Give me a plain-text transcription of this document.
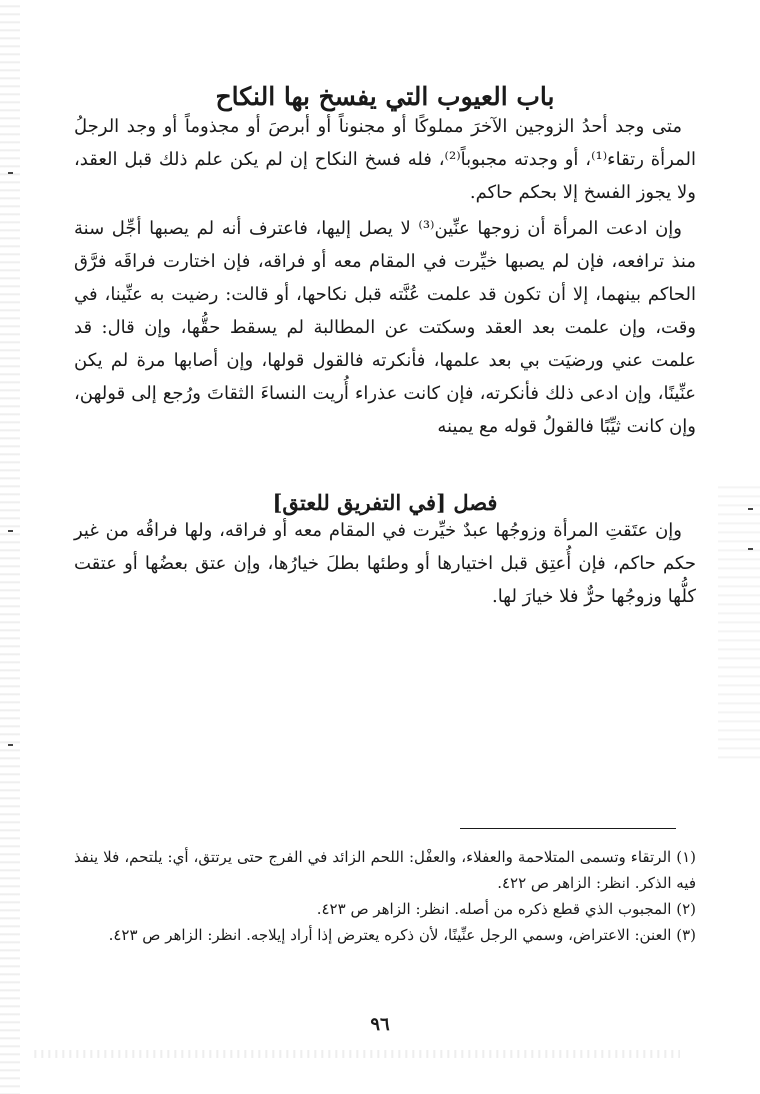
باب العيوب التي يفسخ بها النكاح

متى وجد أحدُ الزوجين الآخرَ مملوكًا أو مجنوناً أو أبرصَ أو مجذوماً أو وجد الرجلُ المرأة رتقاء⁽¹⁾، أو وجدته مجبوباً⁽²⁾، فله فسخ النكاح إن لم يكن علم ذلك قبل العقد، ولا يجوز الفسخ إلا بحكم حاكم.

وإن ادعت المرأة أن زوجها عنِّين⁽³⁾ لا يصل إليها، فاعترف أنه لم يصبها أجِّل سنة منذ ترافعه، فإن لم يصبها خيِّرت في المقام معه أو فراقه، فإن اختارت فراقَه فرَّق الحاكم بينهما، إلا أن تكون قد علمت عُنَّته قبل نكاحها، أو قالت: رضيت به عنِّينا، في وقت، وإن علمت بعد العقد وسكتت عن المطالبة لم يسقط حقُّها، وإن قال: قد علمت عني ورضيَت بي بعد علمها، فأنكرته فالقول قولها، وإن أصابها مرة لم يكن عنِّينًا، وإن ادعى ذلك فأنكرته، فإن كانت عذراء أُريت النساءَ الثقاتَ ورُجع إلى قولهن، وإن كانت ثيِّبًا فالقولُ قوله مع يمينه

فصل [في التفريق للعتق]

وإن عتَقتِ المرأة وزوجُها عبدٌ خيِّرت في المقام معه أو فراقه، ولها فراقُه من غير حكم حاكم، فإن أُعتِق قبل اختيارها أو وطئها بطلَ خيارُها، وإن عتق بعضُها أو عتقت كلُّها وزوجُها حرٌّ فلا خيارَ لها.

(١) الرتقاء وتسمى المتلاحمة والعفلاء، والعفْل: اللحم الزائد في الفرج حتى يرتتق، أي: يلتحم، فلا ينفذ فيه الذكر. انظر: الزاهر ص ٤٢٢.

(٢) المجبوب الذي قطع ذكره من أصله. انظر: الزاهر ص ٤٢٣.

(٣) العنن: الاعتراض، وسمي الرجل عنِّينًا، لأن ذكره يعترض إذا أراد إيلاجه. انظر: الزاهر ص ٤٢٣.

٩٦
